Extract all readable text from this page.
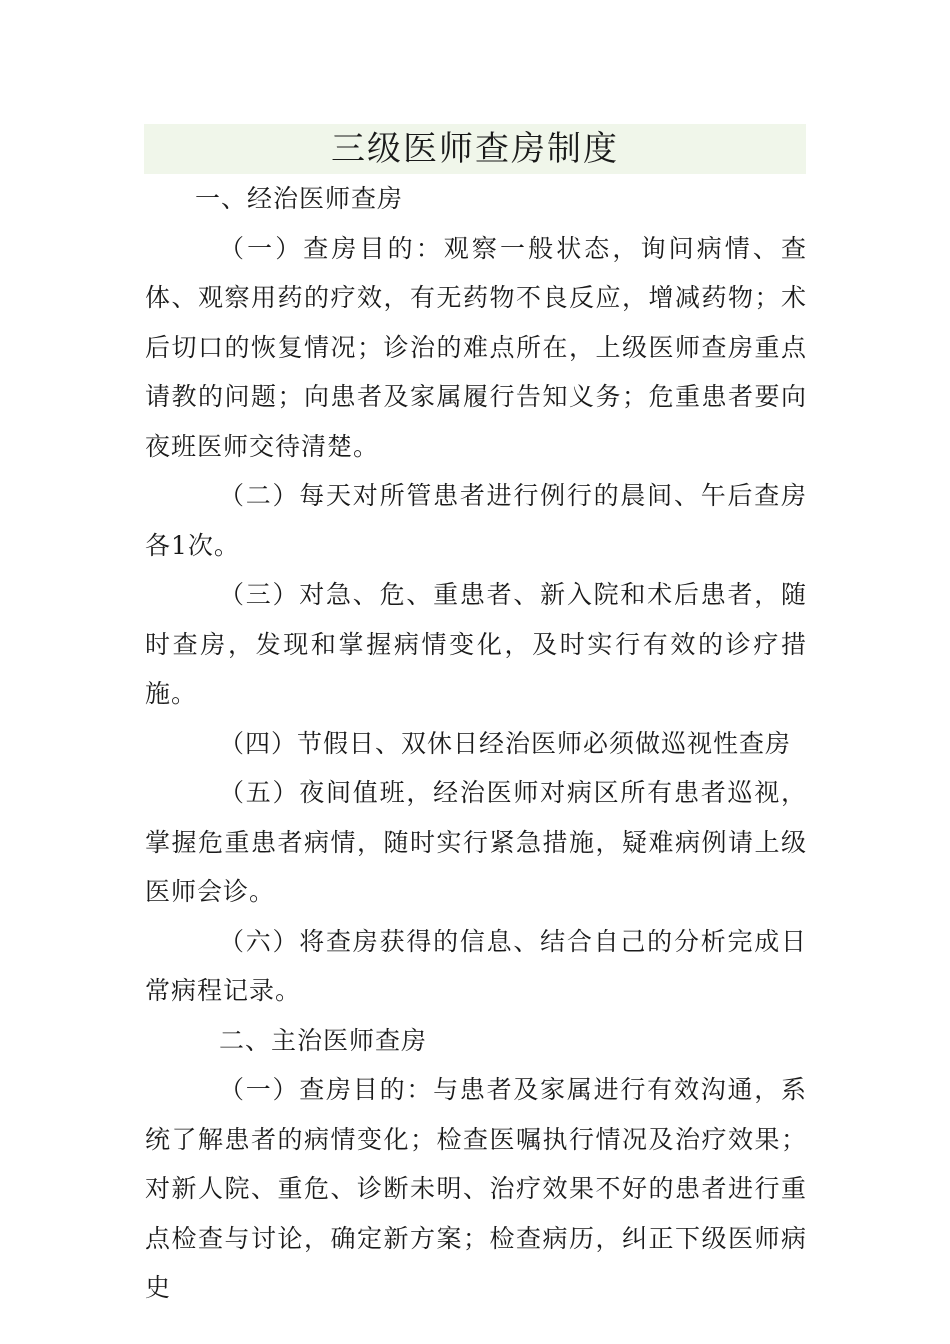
三级医师查房制度

一、经治医师查房

（一）查房目的：观察一般状态，询问病情、查体、观察用药的疗效，有无药物不良反应，增减药物；术后切口的恢复情况；诊治的难点所在，上级医师查房重点请教的问题；向患者及家属履行告知义务；危重患者要向夜班医师交待清楚。

（二）每天对所管患者进行例行的晨间、午后查房各1次。

（三）对急、危、重患者、新入院和术后患者，随时查房，发现和掌握病情变化，及时实行有效的诊疗措施。

（四）节假日、双休日经治医师必须做巡视性查房

（五）夜间值班，经治医师对病区所有患者巡视，掌握危重患者病情，随时实行紧急措施，疑难病例请上级医师会诊。

（六）将查房获得的信息、结合自己的分析完成日常病程记录。

二、主治医师查房

（一）查房目的：与患者及家属进行有效沟通，系统了解患者的病情变化；检查医嘱执行情况及治疗效果；对新人院、重危、诊断未明、治疗效果不好的患者进行重点检查与讨论，确定新方案；检查病历，纠正下级医师病史
